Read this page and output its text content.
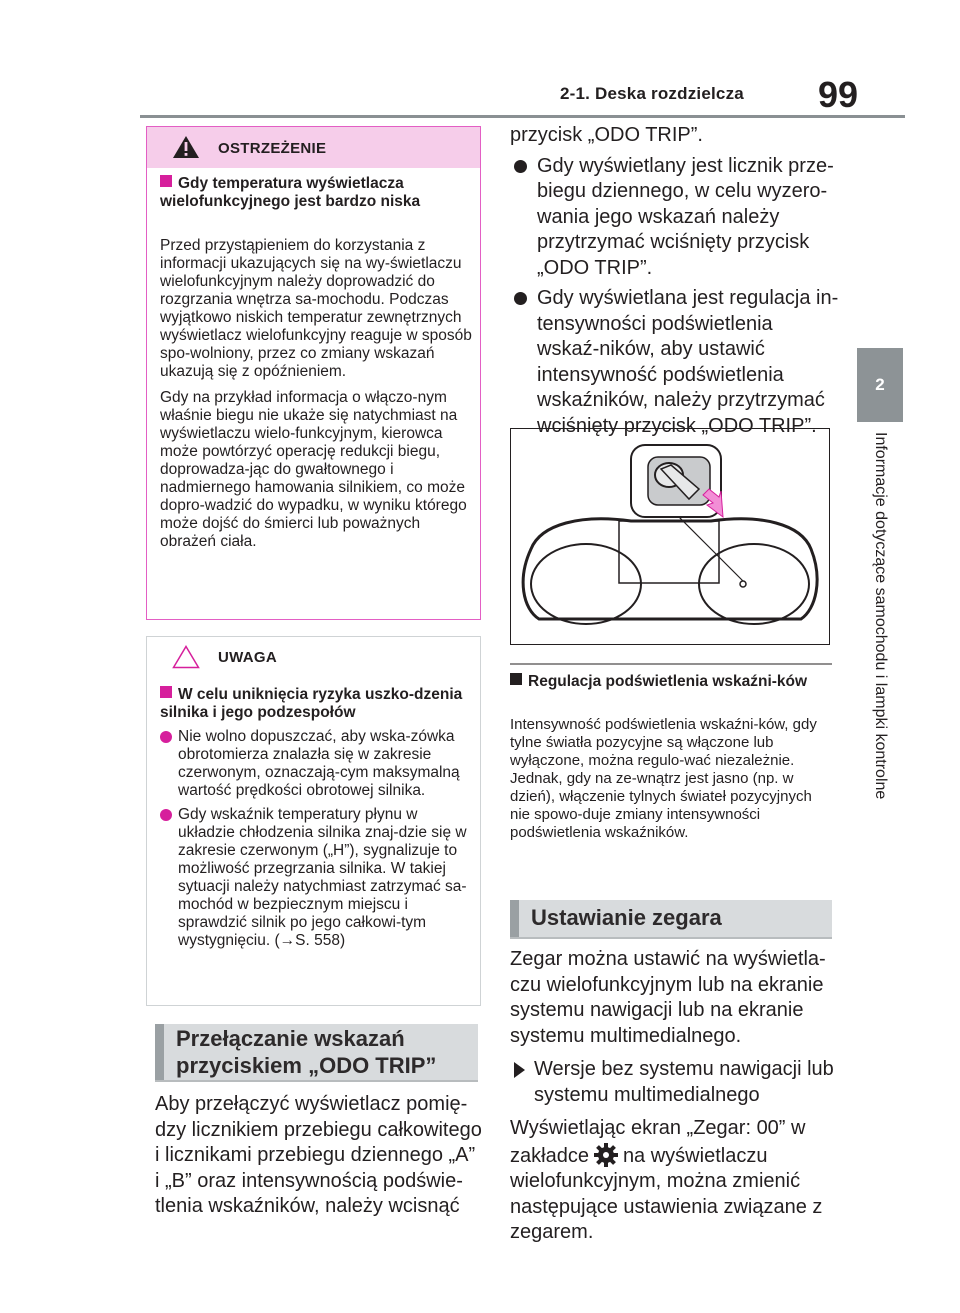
2-1. Deska rozdzielcza 99
2
Informacje dotyczące samochodu i lampki kontrolne
OSTRZEŻENIE
Gdy temperatura wyświetlacza wielofunkcyjnego jest bardzo niska

Przed przystąpieniem do korzystania z informacji ukazujących się na wy-świetlaczu wielofunkcyjnym należy doprowadzić do rozgrzania wnętrza sa-mochodu. Podczas wyjątkowo niskich temperatur zewnętrznych wyświetlacz wielofunkcyjny reaguje w sposób spo-wolniony, przez co zmiany wskazań ukazują się z opóźnieniem.

Gdy na przykład informacja o włączo-nym właśnie biegu nie ukaże się natychmiast na wyświetlaczu wielo-funkcyjnym, kierowca może powtórzyć operację redukcji biegu, doprowadza-jąc do gwałtownego i nadmiernego hamowania silnikiem, co może dopro-wadzić do wypadku, w wyniku którego może dojść do śmierci lub poważnych obrażeń ciała.

UWAGA
W celu uniknięcia ryzyka uszko-dzenia silnika i jego podzespołów
Nie wolno dopuszczać, aby wska-zówka obrotomierza znalazła się w zakresie czerwonym, oznaczają-cym maksymalną wartość prędkości obrotowej silnika.
Gdy wskaźnik temperatury płynu w układzie chłodzenia silnika znaj-dzie się w zakresie czerwonym („H”), sygnalizuje to możliwość przegrzania silnika. W takiej sytuacji należy natychmiast zatrzymać sa-mochód w bezpiecznym miejscu i sprawdzić silnik po jego całkowi-tym wystygnięciu. (→S. 558)
Przełączanie wskazań
przyciskiem „ODO TRIP”
Aby przełączyć wyświetlacz pomię-dzy licznikiem przebiegu całkowitego i licznikami przebiegu dziennego „A” i „B” oraz intensywnością podświe-tlenia wskaźników, należy wcisnąć
przycisk „ODO TRIP”.
Gdy wyświetlany jest licznik prze-biegu dziennego, w celu wyzero-wania jego wskazań należy przytrzymać wciśnięty przycisk „ODO TRIP”.
Gdy wyświetlana jest regulacja in-tensywności podświetlenia wskaź-ników, aby ustawić intensywność podświetlenia wskaźników, należy przytrzymać wciśnięty przycisk „ODO TRIP”.
Regulacja podświetlenia wskaźni-ków
Intensywność podświetlenia wskaźni-ków, gdy tylne światła pozycyjne są włączone lub wyłączone, można regulo-wać niezależnie. Jednak, gdy na ze-wnątrz jest jasno (np. w dzień), włączenie tylnych świateł pozycyjnych nie spowo-duje zmiany intensywności podświetlenia wskaźników.
Ustawianie zegara
Zegar można ustawić na wyświetla-czu wielofunkcyjnym lub na ekranie systemu nawigacji lub na ekranie systemu multimedialnego.
Wersje bez systemu nawigacji lub systemu multimedialnego
Wyświetlając ekran „Zegar: 00” w zakładce na wyświetlaczu wielofunkcyjnym, można zmienić następujące ustawienia związane z zegarem.
